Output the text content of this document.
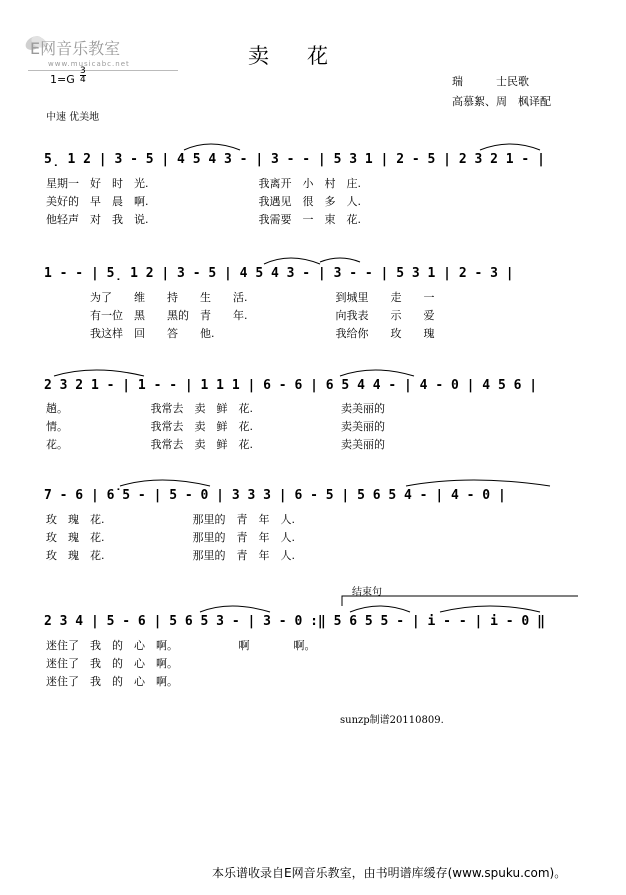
E网音乐教室
www.musicabc.net
1=G
3
4
卖花
瑞　　　士民歌
高慕絮、周　枫译配
中速 优美地
5̣ 1 2 | 3 - 5 | 4 5 4 3 - | 3 - - | 5 3 1 | 2 - 5 | 2 3 2 1 - |
星期一　好　时　光.　　　　　　　　　　我离开　小　村　庄.
美好的　早　晨　啊.　　　　　　　　　　我遇见　很　多　人.
他轻声　对　我　说.　　　　　　　　　　我需要　一　束　花.
1 - - | 5̣ 1 2 | 3 - 5 | 4 5 4 3 - | 3 - - | 5 3 1 | 2 - 3 |
　　　　为了　　维　　持　　生　　活.　　　　　　　　到城里　　走　　一
　　　　有一位　黑　　黑的　青　　年.　　　　　　　　向我表　　示　　爱
　　　　我这样　回　　答　　他.　　　　　　　　　　　我给你　　玫　　瑰
2 3 2 1 - | 1 - - | 1 1 1 | 6 - 6 | 6 5 4 4 - | 4 - 0 | 4 5 6 |
趟。　　　　　　　　我常去　卖　鲜　花.　　　　　　　　卖美丽的
情。　　　　　　　　我常去　卖　鲜　花.　　　　　　　　卖美丽的
花。　　　　　　　　我常去　卖　鲜　花.　　　　　　　　卖美丽的
7 - 6 | 6̇ 5 - | 5 - 0 | 3 3 3 | 6 - 5 | 5 6 5 4 - | 4 - 0 |
玫　瑰　花.　　　　　　　　那里的　青　年　人.
玫　瑰　花.　　　　　　　　那里的　青　年　人.
玫　瑰　花.　　　　　　　　那里的　青　年　人.
结束句
2 3 4 | 5 - 6 | 5 6 5 3 - | 3 - 0 :‖ 5 6 5 5 - | i - - | i - 0 ‖
迷住了　我　的　心　啊。　　　　　　啊　　　　啊。
迷住了　我　的　心　啊。
迷住了　我　的　心　啊。
sunzp制谱20110809.
本乐谱收录自E网音乐教室，由书明谱库缓存(www.spuku.com)。
